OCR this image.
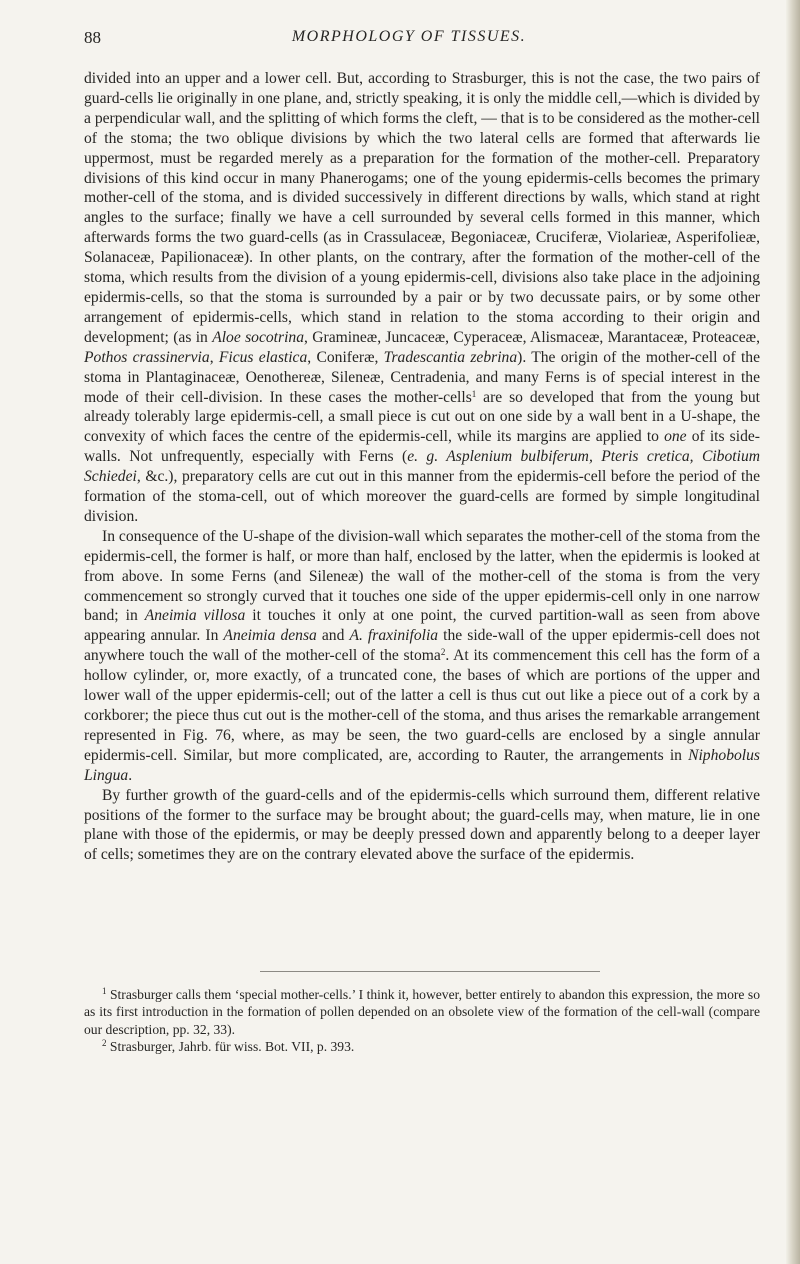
88	MORPHOLOGY OF TISSUES.

divided into an upper and a lower cell. But, according to Strasburger, this is not the case, the two pairs of guard-cells lie originally in one plane, and, strictly speaking, it is only the middle cell,—which is divided by a perpendicular wall, and the splitting of which forms the cleft, — that is to be considered as the mother-cell of the stoma; the two oblique divisions by which the two lateral cells are formed that afterwards lie uppermost, must be regarded merely as a preparation for the formation of the mother-cell. Preparatory divisions of this kind occur in many Phanerogams; one of the young epidermis-cells becomes the primary mother-cell of the stoma, and is divided successively in different directions by walls, which stand at right angles to the surface; finally we have a cell surrounded by several cells formed in this manner, which afterwards forms the two guard-cells (as in Crassulaceæ, Begoniaceæ, Cruciferæ, Violarieæ, Asperifolieæ, Solanaceæ, Papilionaceæ). In other plants, on the contrary, after the formation of the mother-cell of the stoma, which results from the division of a young epidermis-cell, divisions also take place in the adjoining epidermis-cells, so that the stoma is surrounded by a pair or by two decussate pairs, or by some other arrangement of epidermis-cells, which stand in relation to the stoma according to their origin and development; (as in Aloe socotrina, Gramineæ, Juncaceæ, Cyperaceæ, Alismaceæ, Marantaceæ, Proteaceæ, Pothos crassinervia, Ficus elastica, Coniferæ, Tradescantia zebrina). The origin of the mother-cell of the stoma in Plantaginaceæ, Oenothereæ, Sileneæ, Centradenia, and many Ferns is of special interest in the mode of their cell-division. In these cases the mother-cells$^1$ are so developed that from the young but already tolerably large epidermis-cell, a small piece is cut out on one side by a wall bent in a U-shape, the convexity of which faces the centre of the epidermis-cell, while its margins are applied to one of its side-walls. Not unfrequently, especially with Ferns (e. g. Asplenium bulbiferum, Pteris cretica, Cibotium Schiedei, &c.), preparatory cells are cut out in this manner from the epidermis-cell before the period of the formation of the stoma-cell, out of which moreover the guard-cells are formed by simple longitudinal division.

In consequence of the U-shape of the division-wall which separates the mother-cell of the stoma from the epidermis-cell, the former is half, or more than half, enclosed by the latter, when the epidermis is looked at from above. In some Ferns (and Sileneæ) the wall of the mother-cell of the stoma is from the very commencement so strongly curved that it touches one side of the upper epidermis-cell only in one narrow band; in Aneimia villosa it touches it only at one point, the curved partition-wall as seen from above appearing annular. In Aneimia densa and A. fraxinifolia the side-wall of the upper epidermis-cell does not anywhere touch the wall of the mother-cell of the stoma$^2$. At its commencement this cell has the form of a hollow cylinder, or, more exactly, of a truncated cone, the bases of which are portions of the upper and lower wall of the upper epidermis-cell; out of the latter a cell is thus cut out like a piece out of a cork by a corkborer; the piece thus cut out is the mother-cell of the stoma, and thus arises the remarkable arrangement represented in Fig. 76, where, as may be seen, the two guard-cells are enclosed by a single annular epidermis-cell. Similar, but more complicated, are, according to Rauter, the arrangements in Niphobolus Lingua.

By further growth of the guard-cells and of the epidermis-cells which surround them, different relative positions of the former to the surface may be brought about; the guard-cells may, when mature, lie in one plane with those of the epidermis, or may be deeply pressed down and apparently belong to a deeper layer of cells; sometimes they are on the contrary elevated above the surface of the epidermis.

$^1$ Strasburger calls them ‘special mother-cells.’ I think it, however, better entirely to abandon this expression, the more so as its first introduction in the formation of pollen depended on an obsolete view of the formation of the cell-wall (compare our description, pp. 32, 33).

$^2$ Strasburger, Jahrb. für wiss. Bot. VII, p. 393.
